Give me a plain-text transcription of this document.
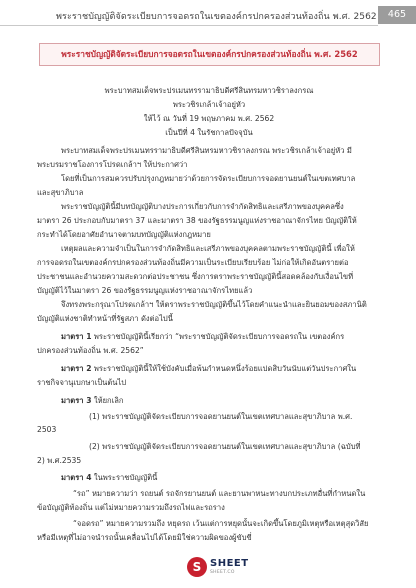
พระราชบัญญัติจัดระเบียบการจอดรถในเขตองค์กรปกครองส่วนท้องถิ่น พ.ศ. 2562	465
พระราชบัญญัติจัดระเบียบการจอดรถในเขตองค์กรปกครองส่วนท้องถิ่น พ.ศ. 2562
พระบาทสมเด็จพระปรเมนทรรามาธิบดีศรีสินทรมหาวชิราลงกรณ
พระวชิรเกล้าเจ้าอยู่หัว
ให้ไว้ ณ วันที่ 19 พฤษภาคม พ.ศ. 2562
เป็นปีที่ 4 ในรัชกาลปัจจุบัน
พระบาทสมเด็จพระปรเมนทรรามาธิบดีศรีสินทรมหาวชิราลงกรณ พระวชิรเกล้าเจ้าอยู่หัว มี
พระบรมราชโองการโปรดเกล้าฯ ให้ประกาศว่า
โดยที่เป็นการสมควรปรับปรุงกฎหมายว่าด้วยการจัดระเบียบการจอดยานยนต์ในเขตเทศบาล
และสุขาภิบาล
พระราชบัญญัตินี้มีบทบัญญัติบางประการเกี่ยวกับการจำกัดสิทธิและเสรีภาพของบุคคลซึ่ง
มาตรา 26 ประกอบกับมาตรา 37 และมาตรา 38 ของรัฐธรรมนูญแห่งราชอาณาจักรไทย บัญญัติให้
กระทำได้โดยอาศัยอำนาจตามบทบัญญัติแห่งกฎหมาย
เหตุผลและความจำเป็นในการจำกัดสิทธิและเสรีภาพของบุคคลตามพระราชบัญญัตินี้ เพื่อให้
การจอดรถในเขตองค์กรปกครองส่วนท้องถิ่นมีความเป็นระเบียบเรียบร้อย ไม่ก่อให้เกิดอันตรายต่อ
ประชาชนและอำนวยความสะดวกต่อประชาชน ซึ่งการตราพระราชบัญญัตินี้สอดคล้องกับเงื่อนไขที่
บัญญัติไว้ในมาตรา 26 ของรัฐธรรมนูญแห่งราชอาณาจักรไทยแล้ว
จึงทรงพระกรุณาโปรดเกล้าฯ ให้ตราพระราชบัญญัติขึ้นไว้โดยคำแนะนำและยินยอมของสภานิติ
บัญญัติแห่งชาติทำหน้าที่รัฐสภา ดังต่อไปนี้
มาตรา 1 พระราชบัญญัตินี้เรียกว่า “พระราชบัญญัติจัดระเบียบการจอดรถใน เขตองค์กร
ปกครองส่วนท้องถิ่น พ.ศ. 2562”
มาตรา 2 พระราชบัญญัตินี้ให้ใช้บังคับเมื่อพ้นกำหนดหนึ่งร้อยแปดสิบวันนับแต่วันประกาศใน
ราชกิจจานุเบกษาเป็นต้นไป
มาตรา 3 ให้ยกเลิก
(1) พระราชบัญญัติจัดระเบียบการจอดยานยนต์ในเขตเทศบาลและสุขาภิบาล พ.ศ.
2503
(2) พระราชบัญญัติจัดระเบียบการจอดยานยนต์ในเขตเทศบาลและสุขาภิบาล (ฉบับที่
2) พ.ศ.2535
มาตรา 4 ในพระราชบัญญัตินี้
“รถ” หมายความว่า รถยนต์ รถจักรยานยนต์ และยานพาหนะทางบกประเภทอื่นที่กำหนดใน
ข้อบัญญัติท้องถิ่น แต่ไม่หมายความรวมถึงรถไฟและรถราง
“จอดรถ” หมายความรวมถึง หยุดรถ เว้นแต่การหยุดนั้นจะเกิดขึ้นโดยภูมิเหตุหรือเหตุสุดวิสัย
หรือมีเหตุที่ไม่อาจนำรถนั้นเคลื่อนไปได้โดยมิใช่ความผิดของผู้ขับขี่
S SHEET
SHEET.CO
